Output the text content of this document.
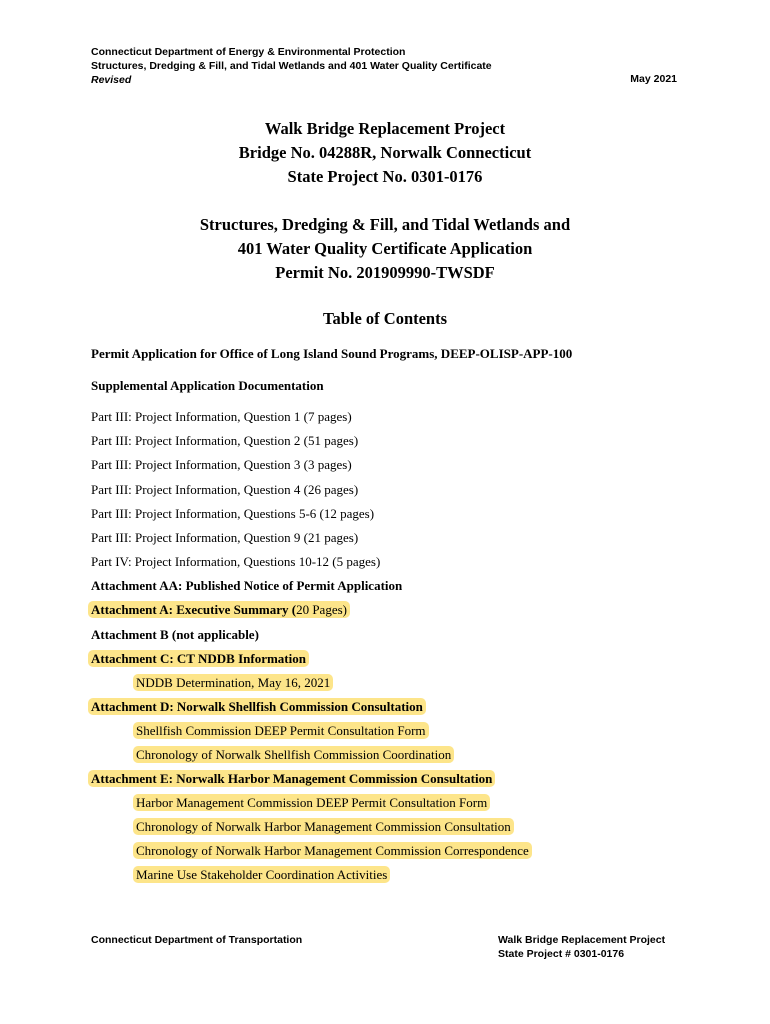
Connecticut Department of Energy & Environmental Protection
Structures, Dredging & Fill, and Tidal Wetlands and 401 Water Quality Certificate
Revised	May 2021
Walk Bridge Replacement Project
Bridge No. 04288R, Norwalk Connecticut
State Project No. 0301-0176
Structures, Dredging & Fill, and Tidal Wetlands and
401 Water Quality Certificate Application
Permit No. 201909990-TWSDF
Table of Contents
Permit Application for Office of Long Island Sound Programs, DEEP-OLISP-APP-100
Supplemental Application Documentation
Part III: Project Information, Question 1 (7 pages)
Part III: Project Information, Question 2 (51 pages)
Part III: Project Information, Question 3 (3 pages)
Part III: Project Information, Question 4 (26 pages)
Part III: Project Information, Questions 5-6 (12 pages)
Part III: Project Information, Question 9 (21 pages)
Part IV: Project Information, Questions 10-12 (5 pages)
Attachment AA: Published Notice of Permit Application
Attachment A: Executive Summary (20 Pages)
Attachment B (not applicable)
Attachment C: CT NDDB Information
NDDB Determination, May 16, 2021
Attachment D: Norwalk Shellfish Commission Consultation
Shellfish Commission DEEP Permit Consultation Form
Chronology of Norwalk Shellfish Commission Coordination
Attachment E: Norwalk Harbor Management Commission Consultation
Harbor Management Commission DEEP Permit Consultation Form
Chronology of Norwalk Harbor Management Commission Consultation
Chronology of Norwalk Harbor Management Commission Correspondence
Marine Use Stakeholder Coordination Activities
Connecticut Department of Transportation	Walk Bridge Replacement Project
State Project # 0301-0176
